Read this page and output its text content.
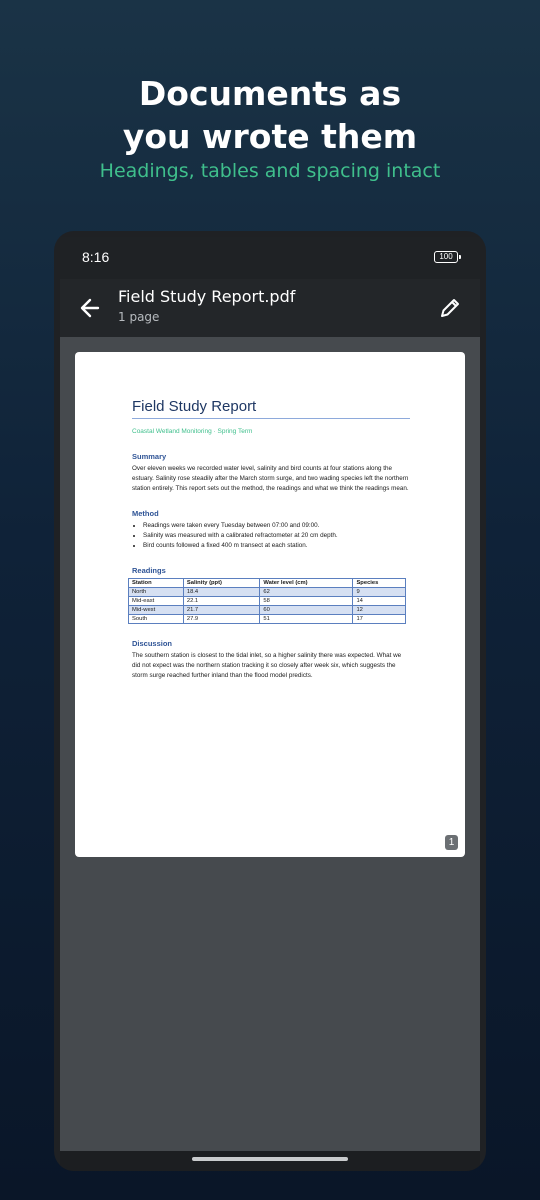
Documents as
you wrote them
Headings, tables and spacing intact
8:16	100
Field Study Report.pdf
1 page
Field Study Report
Coastal Wetland Monitoring · Spring Term
Summary
Over eleven weeks we recorded water level, salinity and bird counts at four stations along the estuary. Salinity rose steadily after the March storm surge, and two wading species left the northern station entirely. This report sets out the method, the readings and what we think the readings mean.
Method
• Readings were taken every Tuesday between 07:00 and 09:00.
• Salinity was measured with a calibrated refractometer at 20 cm depth.
• Bird counts followed a fixed 400 m transect at each station.
Readings
Station	Salinity (ppt)	Water level (cm)	Species
North	18.4	62	9
Mid-east	22.1	58	14
Mid-west	21.7	60	12
South	27.9	51	17
Discussion
The southern station is closest to the tidal inlet, so a higher salinity there was expected. What we did not expect was the northern station tracking it so closely after week six, which suggests the storm surge reached further inland than the flood model predicts.
1
